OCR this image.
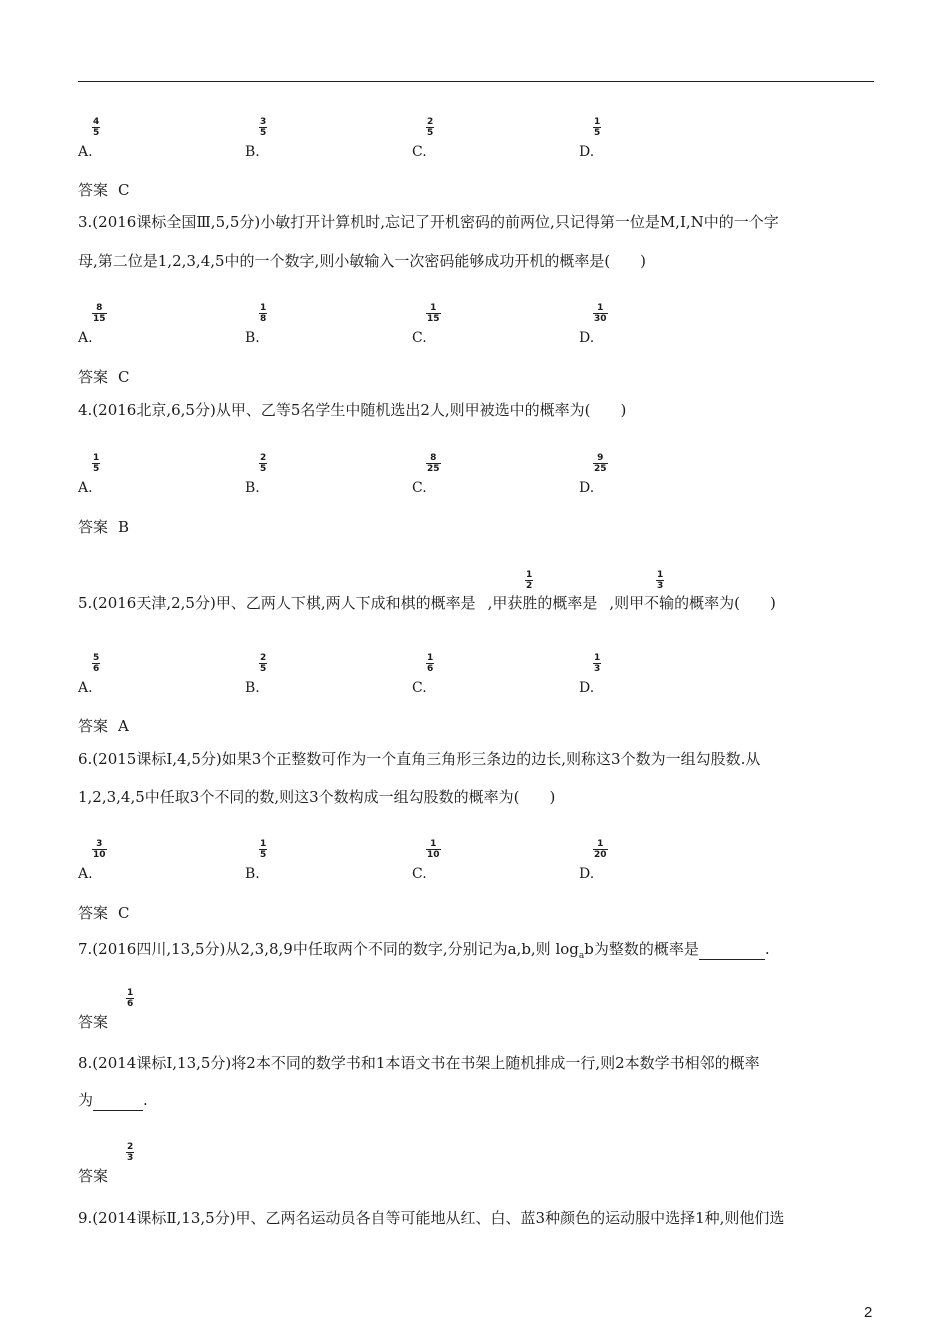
A.
$\frac{4}{5}$
B.
$\frac{3}{5}$
C.
$\frac{2}{5}$
D.
$\frac{1}{5}$
答案 C
3.(2016课标全国Ⅲ,5,5分)小敏打开计算机时,忘记了开机密码的前两位,只记得第一位是M,I,N中的一个字
母,第二位是1,2,3,4,5中的一个数字,则小敏输入一次密码能够成功开机的概率是(　　)
A.
$\frac{8}{15}$
B.
$\frac{1}{8}$
C.
$\frac{1}{15}$
D.
$\frac{1}{30}$
答案 C
4.(2016北京,6,5分)从甲、乙等5名学生中随机选出2人,则甲被选中的概率为(　　)
A.
$\frac{1}{5}$
B.
$\frac{2}{5}$
C.
$\frac{8}{25}$
D.
$\frac{9}{25}$
答案 B
5.(2016天津,2,5分)甲、乙两人下棋,两人下成和棋的概率是 ,甲获胜的概率是 ,则甲不输的概率为(　　)
$\frac{1}{2}$	$\frac{1}{3}$
A.
$\frac{5}{6}$
B.
$\frac{2}{5}$
C.
$\frac{1}{6}$
D.
$\frac{1}{3}$
答案 A
6.(2015课标Ⅰ,4,5分)如果3个正整数可作为一个直角三角形三条边的边长,则称这3个数为一组勾股数.从
1,2,3,4,5中任取3个不同的数,则这3个数构成一组勾股数的概率为(　　)
A.
$\frac{3}{10}$
B.
$\frac{1}{5}$
C.
$\frac{1}{10}$
D.
$\frac{1}{20}$
答案 C
7.(2016四川,13,5分)从2,3,8,9中任取两个不同的数字,分别记为a,b,则 $\log_ab$为整数的概率是	.
答案
$\frac{1}{6}$
8.(2014课标Ⅰ,13,5分)将2本不同的数学书和1本语文书在书架上随机排成一行,则2本数学书相邻的概率
为	.
答案
$\frac{2}{3}$
9.(2014课标Ⅱ,13,5分)甲、乙两名运动员各自等可能地从红、白、蓝3种颜色的运动服中选择1种,则他们选
2
